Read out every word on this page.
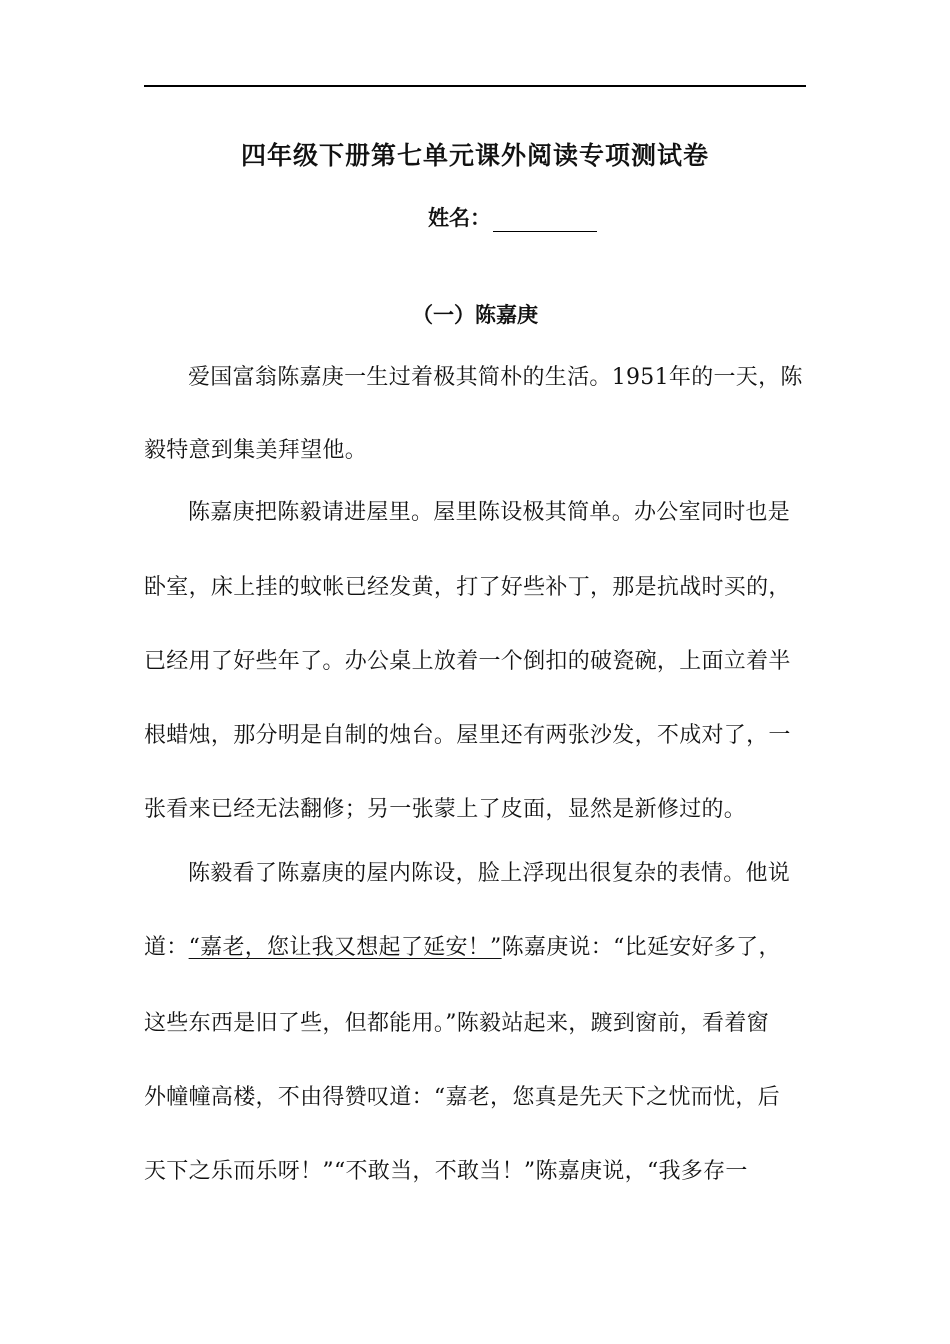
四年级下册第七单元课外阅读专项测试卷
姓名：
（一）陈嘉庚
爱国富翁陈嘉庚一生过着极其简朴的生活。1951年的一天，陈
毅特意到集美拜望他。
陈嘉庚把陈毅请进屋里。屋里陈设极其简单。办公室同时也是
卧室，床上挂的蚊帐已经发黄，打了好些补丁，那是抗战时买的，
已经用了好些年了。办公桌上放着一个倒扣的破瓷碗，上面立着半
根蜡烛，那分明是自制的烛台。屋里还有两张沙发，不成对了，一
张看来已经无法翻修；另一张蒙上了皮面，显然是新修过的。
陈毅看了陈嘉庚的屋内陈设，脸上浮现出很复杂的表情。他说
道：“嘉老，您让我又想起了延安！”陈嘉庚说：“比延安好多了，
这些东西是旧了些，但都能用。”陈毅站起来，踱到窗前，看着窗
外幢幢高楼，不由得赞叹道：“嘉老，您真是先天下之忧而忧，后
天下之乐而乐呀！”“不敢当，不敢当！”陈嘉庚说，“我多存一
